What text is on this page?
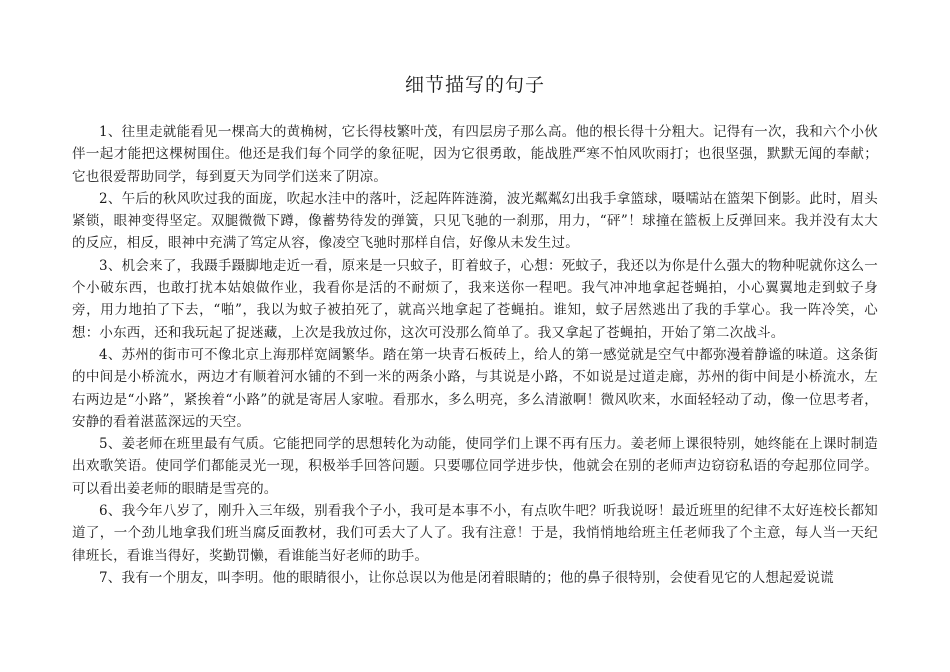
细节描写的句子

1、往里走就能看见一棵高大的黄桷树，它长得枝繁叶茂，有四层房子那么高。他的根长得十分粗大。记得有一次，我和六个小伙伴一起才能把这棵树围住。他还是我们每个同学的象征呢，因为它很勇敢，能战胜严寒不怕风吹雨打；也很坚强，默默无闻的奉献；它也很爱帮助同学，每到夏天为同学们送来了阴凉。

2、午后的秋风吹过我的面庞，吹起水洼中的落叶，泛起阵阵涟漪，波光粼粼幻出我手拿篮球，嗫嚅站在篮架下倒影。此时，眉头紧锁，眼神变得坚定。双腿微微下蹲，像蓄势待发的弹簧，只见飞驰的一刹那，用力，“砰”！球撞在篮板上反弹回来。我并没有太大的反应，相反，眼神中充满了笃定从容，像凌空飞驰时那样自信，好像从未发生过。

3、机会来了，我蹑手蹑脚地走近一看，原来是一只蚊子，盯着蚊子，心想：死蚊子，我还以为你是什么强大的物种呢就你这么一个小破东西，也敢打扰本姑娘做作业，我看你是活的不耐烦了，我来送你一程吧。我气冲冲地拿起苍蝇拍，小心翼翼地走到蚊子身旁，用力地拍了下去，“啪”，我以为蚊子被拍死了，就高兴地拿起了苍蝇拍。谁知，蚊子居然逃出了我的手掌心。我一阵冷笑，心想：小东西，还和我玩起了捉迷藏，上次是我放过你，这次可没那么简单了。我又拿起了苍蝇拍，开始了第二次战斗。

4、苏州的街市可不像北京上海那样宽阔繁华。踏在第一块青石板砖上，给人的第一感觉就是空气中都弥漫着静谧的味道。这条街的中间是小桥流水，两边才有顺着河水铺的不到一米的两条小路，与其说是小路，不如说是过道走廊，苏州的街中间是小桥流水，左右两边是“小路”，紧挨着“小路”的就是寄居人家啦。看那水，多么明亮，多么清澈啊！微风吹来，水面轻轻动了动，像一位思考者，安静的看着湛蓝深远的天空。

5、姜老师在班里最有气质。它能把同学的思想转化为动能，使同学们上课不再有压力。姜老师上课很特别，她终能在上课时制造出欢歌笑语。使同学们都能灵光一现，积极举手回答问题。只要哪位同学进步快，他就会在别的老师声边窃窃私语的夸起那位同学。可以看出姜老师的眼睛是雪亮的。

6、我今年八岁了，刚升入三年级，别看我个子小，我可是本事不小，有点吹牛吧？听我说呀！最近班里的纪律不太好连校长都知道了，一个劲儿地拿我们班当腐反面教材，我们可丢大了人了。我有注意！于是，我悄悄地给班主任老师我了个主意，每人当一天纪律班长，看谁当得好，奖勤罚懒，看谁能当好老师的助手。

7、我有一个朋友，叫李明。他的眼睛很小，让你总误以为他是闭着眼睛的；他的鼻子很特别，会使看见它的人想起爱说谎
